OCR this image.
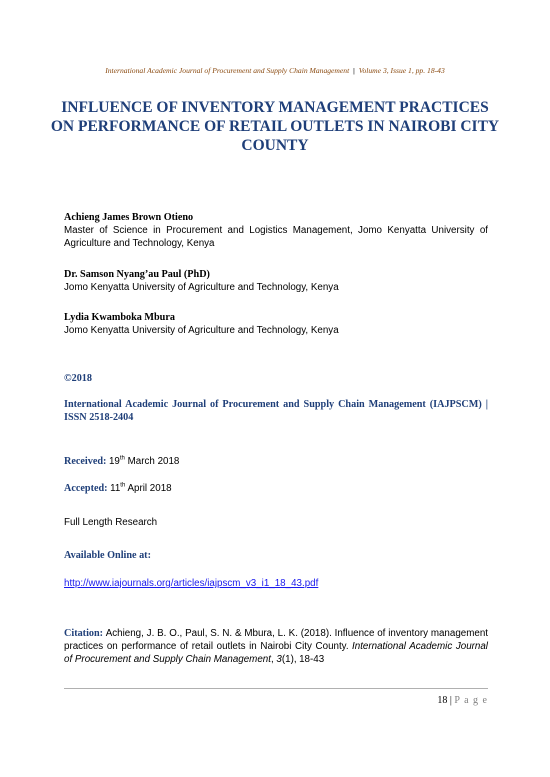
International Academic Journal of Procurement and Supply Chain Management | Volume 3, Issue 1, pp. 18-43
INFLUENCE OF INVENTORY MANAGEMENT PRACTICES ON PERFORMANCE OF RETAIL OUTLETS IN NAIROBI CITY COUNTY
Achieng James Brown Otieno
Master of Science in Procurement and Logistics Management, Jomo Kenyatta University of Agriculture and Technology, Kenya
Dr. Samson Nyang’au Paul (PhD)
Jomo Kenyatta University of Agriculture and Technology, Kenya
Lydia Kwamboka Mbura
Jomo Kenyatta University of Agriculture and Technology, Kenya
©2018
International Academic Journal of Procurement and Supply Chain Management (IAJPSCM) | ISSN 2518-2404
Received: 19th March 2018
Accepted: 11th April 2018
Full Length Research
Available Online at:
http://www.iajournals.org/articles/iajpscm_v3_i1_18_43.pdf
Citation: Achieng, J. B. O., Paul, S. N. & Mbura, L. K. (2018). Influence of inventory management practices on performance of retail outlets in Nairobi City County. International Academic Journal of Procurement and Supply Chain Management, 3(1), 18-43
18 | P a g e
